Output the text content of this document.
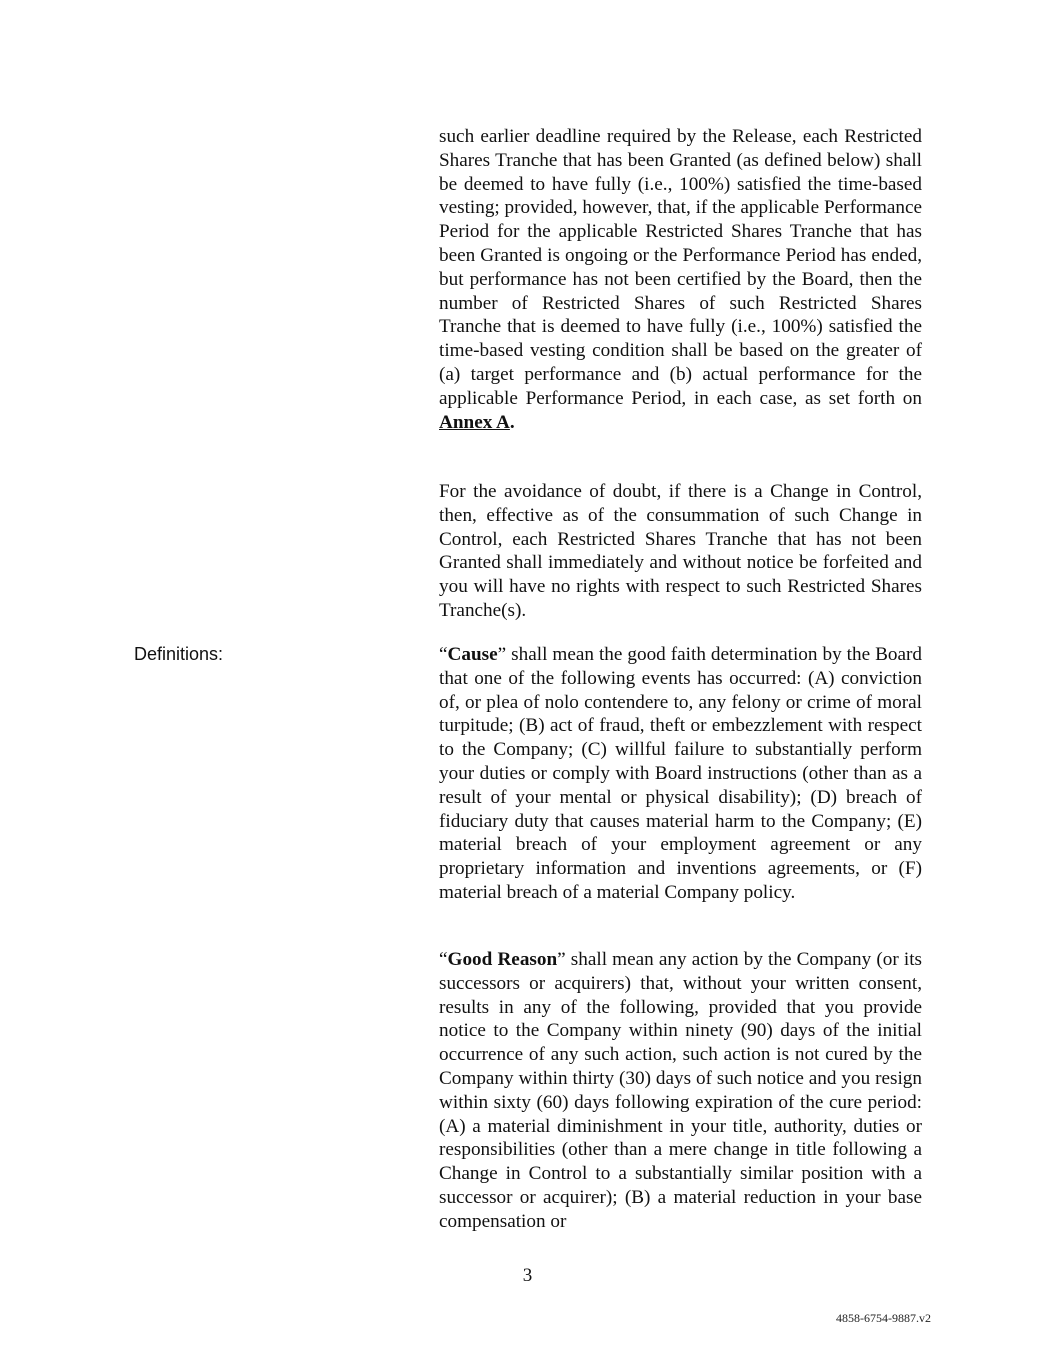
such earlier deadline required by the Release, each Restricted Shares Tranche that has been Granted (as defined below) shall be deemed to have fully (i.e., 100%) satisfied the time-based vesting; provided, however, that, if the applicable Performance Period for the applicable Restricted Shares Tranche that has been Granted is ongoing or the Performance Period has ended, but performance has not been certified by the Board, then the number of Restricted Shares of such Restricted Shares Tranche that is deemed to have fully (i.e., 100%) satisfied the time-based vesting condition shall be based on the greater of (a) target performance and (b) actual performance for the applicable Performance Period, in each case, as set forth on Annex A.

For the avoidance of doubt, if there is a Change in Control, then, effective as of the consummation of such Change in Control, each Restricted Shares Tranche that has not been Granted shall immediately and without notice be forfeited and you will have no rights with respect to such Restricted Shares Tranche(s).

Definitions:	“Cause” shall mean the good faith determination by the Board that one of the following events has occurred: (A) conviction of, or plea of nolo contendere to, any felony or crime of moral turpitude; (B) act of fraud, theft or embezzlement with respect to the Company; (C) willful failure to substantially perform your duties or comply with Board instructions (other than as a result of your mental or physical disability); (D) breach of fiduciary duty that causes material harm to the Company; (E) material breach of your employment agreement or any proprietary information and inventions agreements, or (F) material breach of a material Company policy.

“Good Reason” shall mean any action by the Company (or its successors or acquirers) that, without your written consent, results in any of the following, provided that you provide notice to the Company within ninety (90) days of the initial occurrence of any such action, such action is not cured by the Company within thirty (30) days of such notice and you resign within sixty (60) days following expiration of the cure period: (A) a material diminishment in your title, authority, duties or responsibilities (other than a mere change in title following a Change in Control to a substantially similar position with a successor or acquirer); (B) a material reduction in your base compensation or

3
4858-6754-9887.v2
